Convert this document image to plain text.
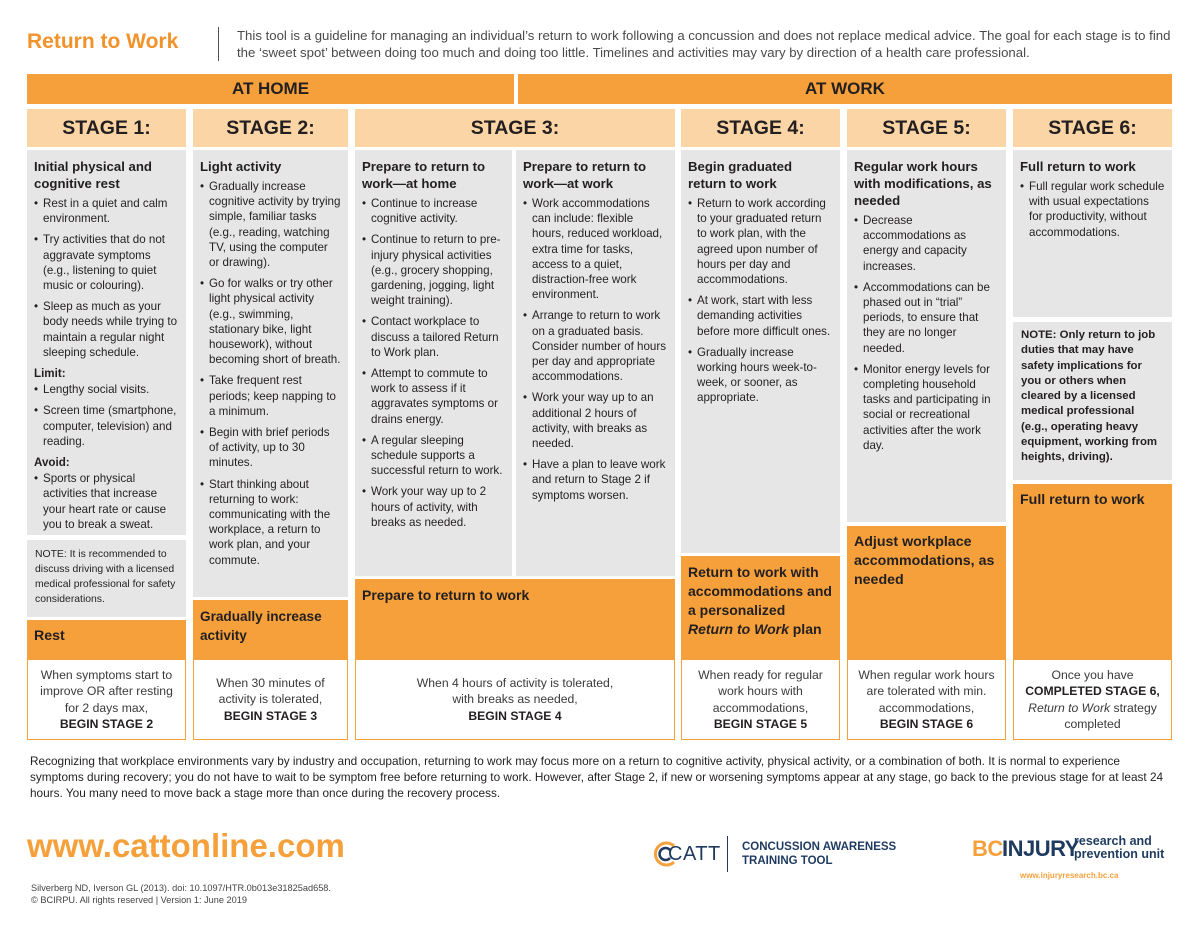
Return to Work	This tool is a guideline for managing an individual’s return to work following a concussion and does not replace medical advice. The goal for each stage is to find the ‘sweet spot’ between doing too much and doing too little. Timelines and activities may vary by direction of a health care professional.
AT HOME	AT WORK
STAGE 1:	STAGE 2:	STAGE 3:	STAGE 4:	STAGE 5:	STAGE 6:
Initial physical and cognitive rest
• Rest in a quiet and calm environment.
• Try activities that do not aggravate symptoms (e.g., listening to quiet music or colouring).
• Sleep as much as your body needs while trying to maintain a regular night sleeping schedule.
Limit:
• Lengthy social visits.
• Screen time (smartphone, computer, television) and reading.
Avoid:
• Sports or physical activities that increase your heart rate or cause you to break a sweat.
NOTE: It is recommended to discuss driving with a licensed medical professional for safety considerations.
Rest
When symptoms start to improve OR after resting for 2 days max,
BEGIN STAGE 2
Light activity
• Gradually increase cognitive activity by trying simple, familiar tasks (e.g., reading, watching TV, using the computer or drawing).
• Go for walks or try other light physical activity (e.g., swimming, stationary bike, light housework), without becoming short of breath.
• Take frequent rest periods; keep napping to a minimum.
• Begin with brief periods of activity, up to 30 minutes.
• Start thinking about returning to work: communicating with the workplace, a return to work plan, and your commute.
Gradually increase activity
When 30 minutes of activity is tolerated,
BEGIN STAGE 3
Prepare to return to work—at home
• Continue to increase cognitive activity.
• Continue to return to pre-injury physical activities (e.g., grocery shopping, gardening, jogging, light weight training).
• Contact workplace to discuss a tailored Return to Work plan.
• Attempt to commute to work to assess if it aggravates symptoms or drains energy.
• A regular sleeping schedule supports a successful return to work.
• Work your way up to 2 hours of activity, with breaks as needed.
Prepare to return to work—at work
• Work accommodations can include: flexible hours, reduced workload, extra time for tasks, access to a quiet, distraction-free work environment.
• Arrange to return to work on a graduated basis. Consider number of hours per day and appropriate accommodations.
• Work your way up to an additional 2 hours of activity, with breaks as needed.
• Have a plan to leave work and return to Stage 2 if symptoms worsen.
Prepare to return to work
When 4 hours of activity is tolerated, with breaks as needed,
BEGIN STAGE 4
Begin graduated return to work
• Return to work according to your graduated return to work plan, with the agreed upon number of hours per day and accommodations.
• At work, start with less demanding activities before more difficult ones.
• Gradually increase working hours week-to-week, or sooner, as appropriate.
Return to work with accommodations and a personalized Return to Work plan
When ready for regular work hours with accommodations,
BEGIN STAGE 5
Regular work hours with modifications, as needed
• Decrease accommodations as energy and capacity increases.
• Accommodations can be phased out in “trial” periods, to ensure that they are no longer needed.
• Monitor energy levels for completing household tasks and participating in social or recreational activities after the work day.
Adjust workplace accommodations, as needed
When regular work hours are tolerated with min. accommodations,
BEGIN STAGE 6
Full return to work
• Full regular work schedule with usual expectations for productivity, without accommodations.
NOTE: Only return to job duties that may have safety implications for you or others when cleared by a licensed medical professional (e.g., operating heavy equipment, working from heights, driving).
Full return to work
Once you have
COMPLETED STAGE 6,
Return to Work strategy completed
Recognizing that workplace environments vary by industry and occupation, returning to work may focus more on a return to cognitive activity, physical activity, or a combination of both. It is normal to experience symptoms during recovery; you do not have to wait to be symptom free before returning to work. However, after Stage 2, if new or worsening symptoms appear at any stage, go back to the previous stage for at least 24 hours. You many need to move back a stage more than once during the recovery process.
www.cattonline.com
Silverberg ND, Iverson GL (2013). doi: 10.1097/HTR.0b013e31825ad658.
© BCIRPU. All rights reserved | Version 1: June 2019
CATT CONCUSSION AWARENESS
TRAINING TOOL	BC INJURY
research and
prevention unit
www.injuryresearch.bc.ca
